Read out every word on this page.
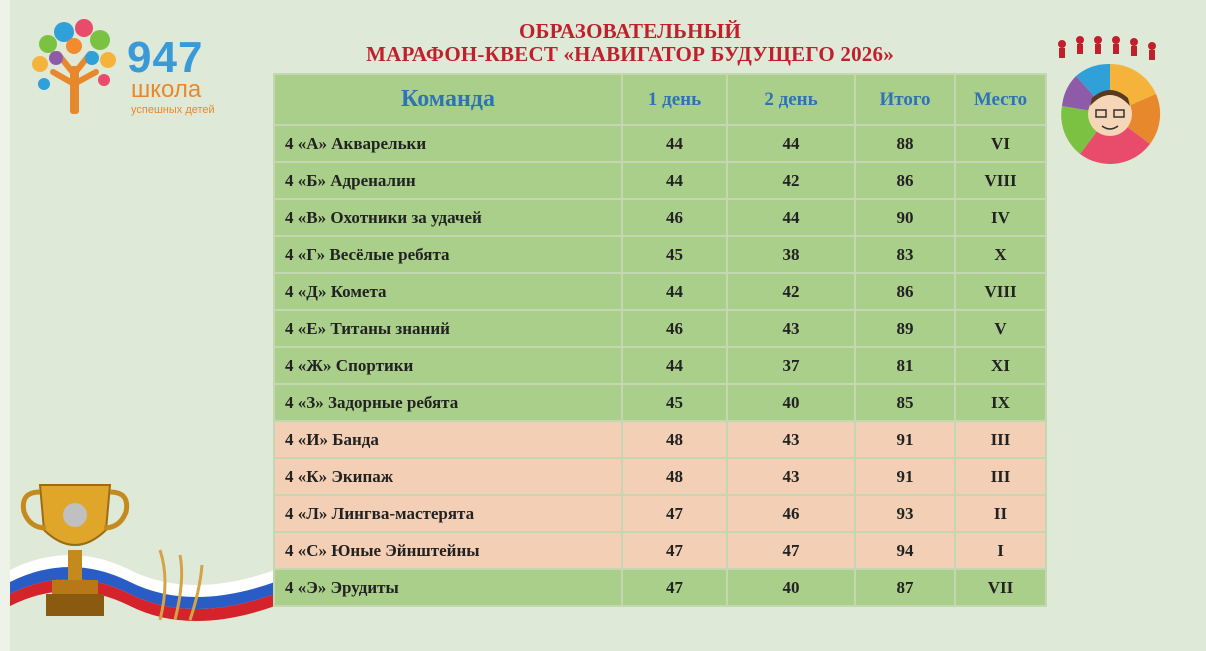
947
школа
успешных детей
ОБРАЗОВАТЕЛЬНЫЙ
МАРАФОН-КВЕСТ «НАВИГАТОР БУДУЩЕГО 2026»
Команда	1 день	2 день	Итого	Место
4 «А» Акварельки	44	44	88	VI
4 «Б» Адреналин	44	42	86	VIII
4 «В» Охотники за удачей	46	44	90	IV
4 «Г» Весёлые ребята	45	38	83	X
4 «Д» Комета	44	42	86	VIII
4 «Е» Титаны знаний	46	43	89	V
4 «Ж» Спортики	44	37	81	XI
4 «З» Задорные ребята	45	40	85	IX
4 «И» Банда	48	43	91	III
4 «К» Экипаж	48	43	91	III
4 «Л» Лингва-мастерята	47	46	93	II
4 «С» Юные Эйнштейны	47	47	94	I
4 «Э» Эрудиты	47	40	87	VII
